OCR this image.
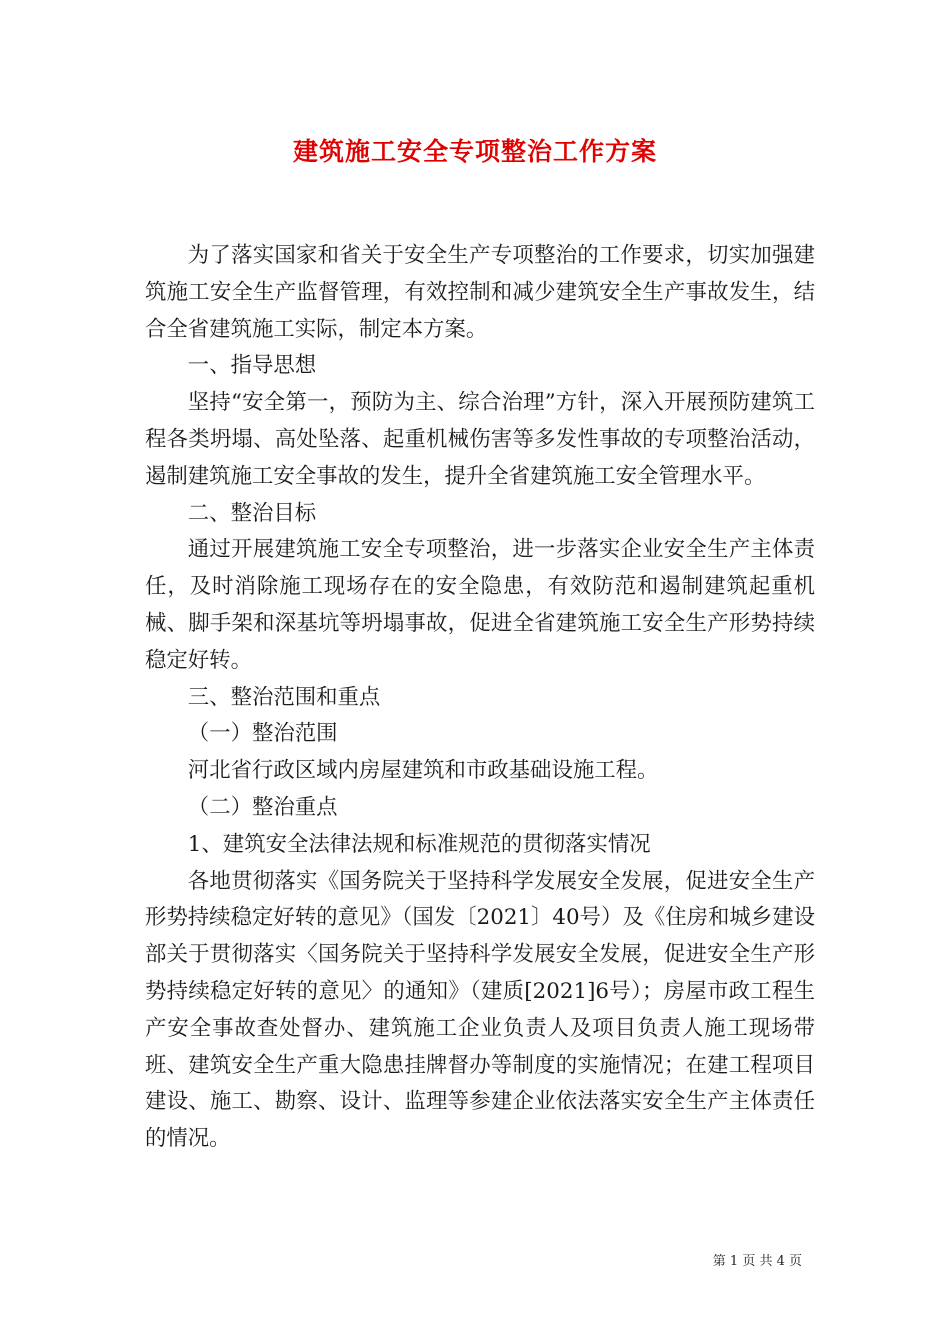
建筑施工安全专项整治工作方案

为了落实国家和省关于安全生产专项整治的工作要求，切实加强建筑施工安全生产监督管理，有效控制和减少建筑安全生产事故发生，结合全省建筑施工实际，制定本方案。

一、指导思想

坚持“安全第一，预防为主、综合治理”方针，深入开展预防建筑工程各类坍塌、高处坠落、起重机械伤害等多发性事故的专项整治活动，遏制建筑施工安全事故的发生，提升全省建筑施工安全管理水平。

二、整治目标

通过开展建筑施工安全专项整治，进一步落实企业安全生产主体责任，及时消除施工现场存在的安全隐患，有效防范和遏制建筑起重机械、脚手架和深基坑等坍塌事故，促进全省建筑施工安全生产形势持续稳定好转。

三、整治范围和重点

（一）整治范围

河北省行政区域内房屋建筑和市政基础设施工程。

（二）整治重点

1、建筑安全法律法规和标准规范的贯彻落实情况

各地贯彻落实《国务院关于坚持科学发展安全发展，促进安全生产形势持续稳定好转的意见》（国发〔2021〕40号）及《住房和城乡建设部关于贯彻落实〈国务院关于坚持科学发展安全发展，促进安全生产形势持续稳定好转的意见〉的通知》（建质[2021]6号）；房屋市政工程生产安全事故查处督办、建筑施工企业负责人及项目负责人施工现场带班、建筑安全生产重大隐患挂牌督办等制度的实施情况；在建工程项目建设、施工、勘察、设计、监理等参建企业依法落实安全生产主体责任的情况。

第 1 页 共 4 页
